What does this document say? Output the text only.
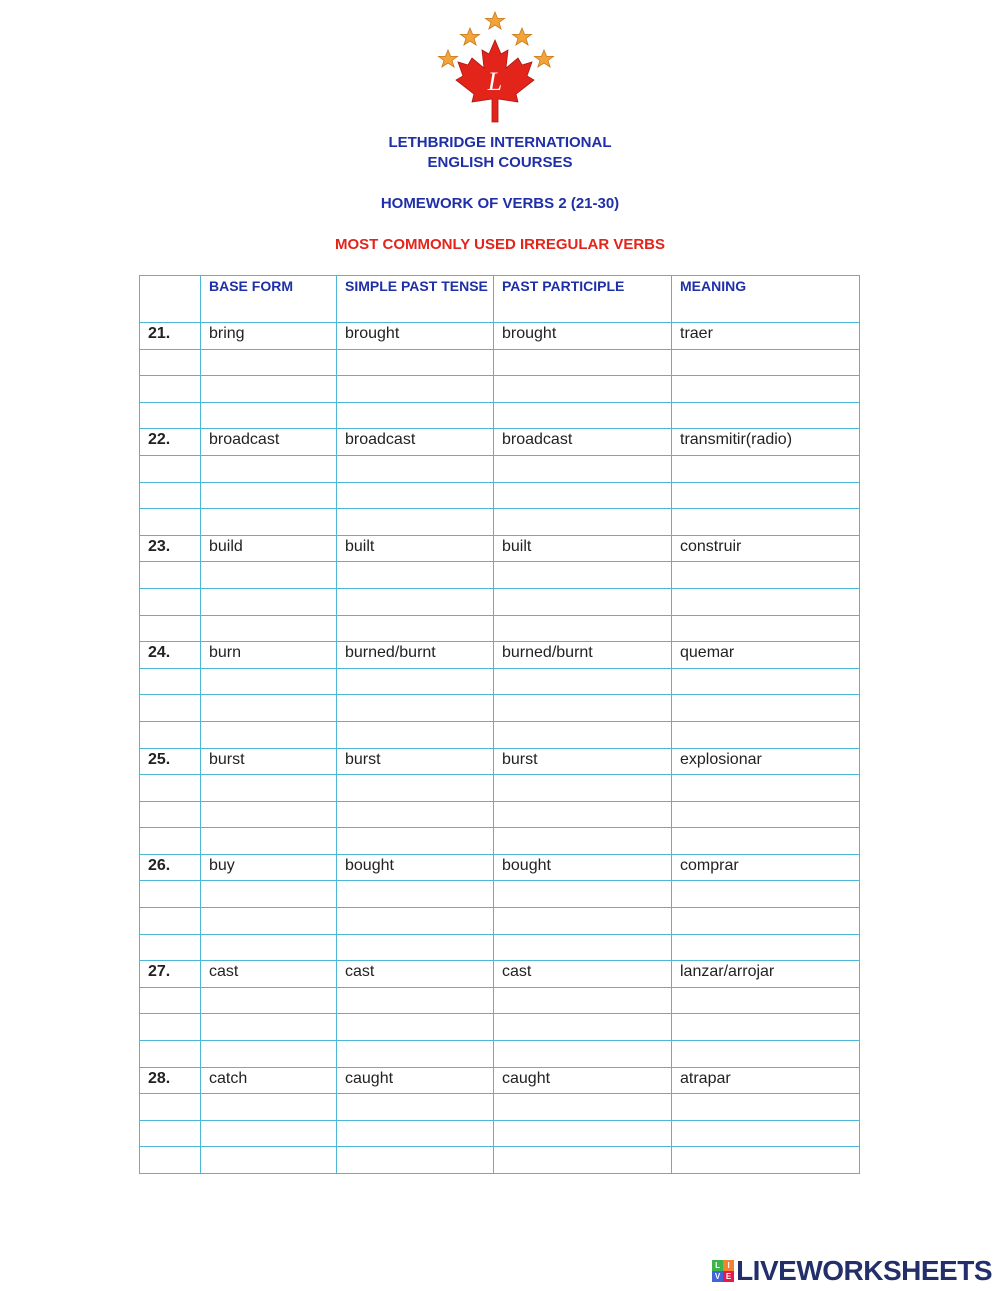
L
LETHBRIDGE INTERNATIONAL
ENGLISH COURSES
HOMEWORK OF VERBS 2 (21-30)
MOST COMMONLY USED IRREGULAR VERBS
	BASE FORM	SIMPLE PAST TENSE	PAST PARTICIPLE	MEANING
21.	bring	brought	brought	traer

22.	broadcast	broadcast	broadcast	transmitir(radio)

23.	build	built	built	construir

24.	burn	burned/burnt	burned/burnt	quemar

25.	burst	burst	burst	explosionar

26.	buy	bought	bought	comprar

27.	cast	cast	cast	lanzar/arrojar

28.	catch	caught	caught	atrapar

L I
V E LIVEWORKSHEETS
